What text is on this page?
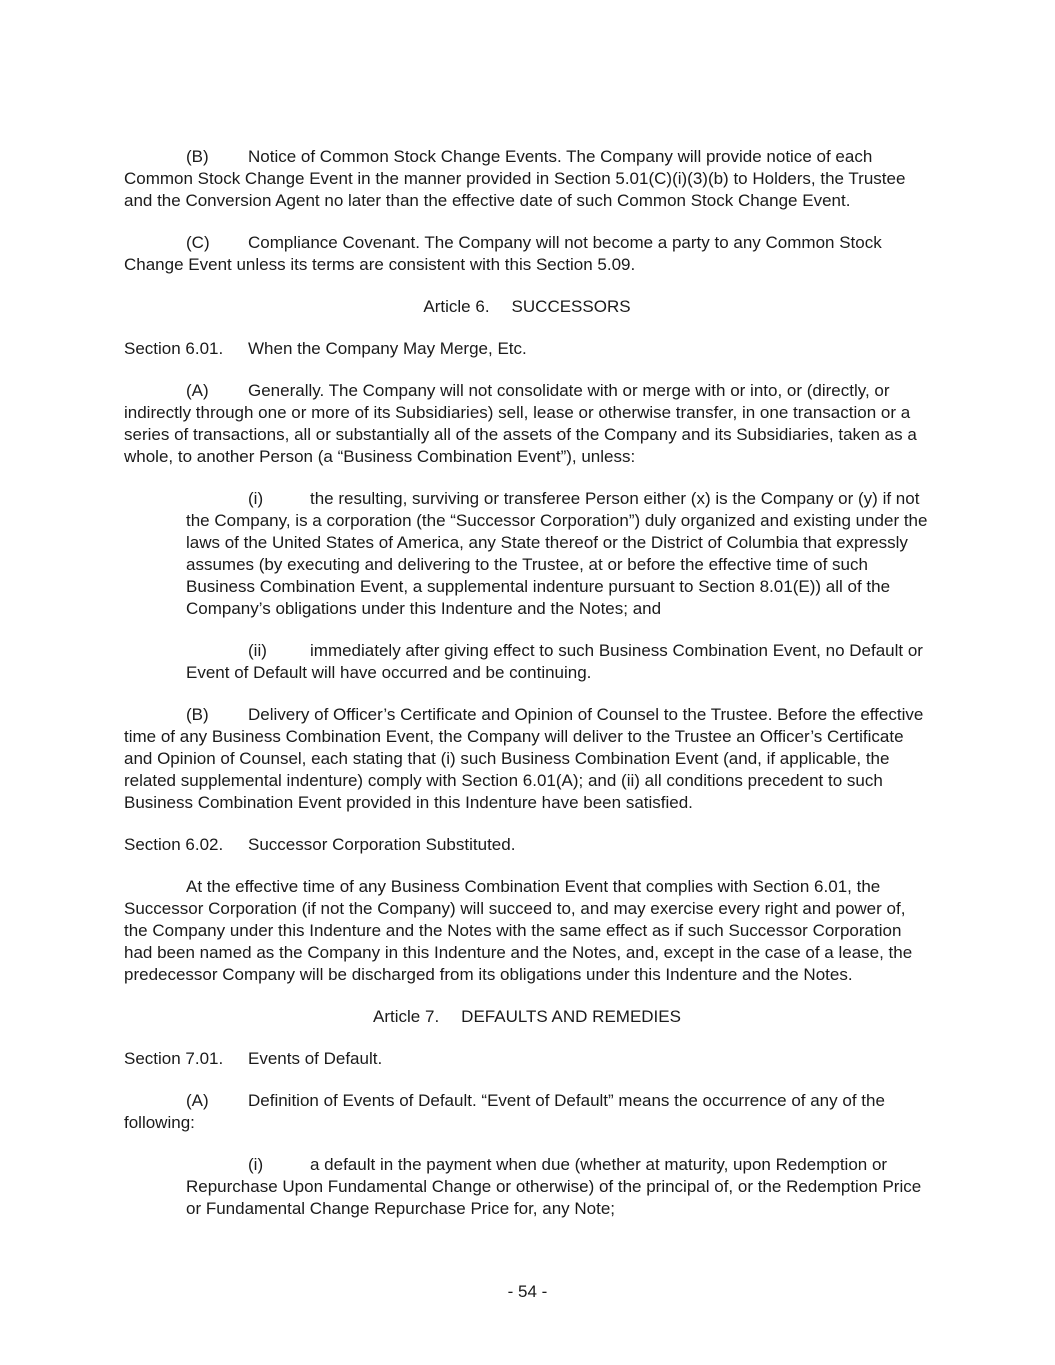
(B) Notice of Common Stock Change Events. The Company will provide notice of each Common Stock Change Event in the manner provided in Section 5.01(C)(i)(3)(b) to Holders, the Trustee and the Conversion Agent no later than the effective date of such Common Stock Change Event.

(C) Compliance Covenant. The Company will not become a party to any Common Stock Change Event unless its terms are consistent with this Section 5.09.

Article 6. SUCCESSORS
Section 6.01. When the Company May Merge, Etc.

(A) Generally. The Company will not consolidate with or merge with or into, or (directly, or indirectly through one or more of its Subsidiaries) sell, lease or otherwise transfer, in one transaction or a series of transactions, all or substantially all of the assets of the Company and its Subsidiaries, taken as a whole, to another Person (a “Business Combination Event”), unless:

(i)	the resulting, surviving or transferee Person either (x) is the Company or (y) if not the Company, is a corporation (the “Successor Corporation”) duly organized and existing under the laws of the United States of America, any State thereof or the District of Columbia that expressly assumes (by executing and delivering to the Trustee, at or before the effective time of such Business Combination Event, a supplemental indenture pursuant to Section 8.01(E)) all of the Company’s obligations under this Indenture and the Notes; and

(ii)	immediately after giving effect to such Business Combination Event, no Default or Event of Default will have occurred and be continuing.

(B) Delivery of Officer’s Certificate and Opinion of Counsel to the Trustee. Before the effective time of any Business Combination Event, the Company will deliver to the Trustee an Officer’s Certificate and Opinion of Counsel, each stating that (i) such Business Combination Event (and, if applicable, the related supplemental indenture) comply with Section 6.01(A); and (ii) all conditions precedent to such Business Combination Event provided in this Indenture have been satisfied.

Section 6.02. Successor Corporation Substituted.

At the effective time of any Business Combination Event that complies with Section 6.01, the Successor Corporation (if not the Company) will succeed to, and may exercise every right and power of, the Company under this Indenture and the Notes with the same effect as if such Successor Corporation had been named as the Company in this Indenture and the Notes, and, except in the case of a lease, the predecessor Company will be discharged from its obligations under this Indenture and the Notes.

Article 7. DEFAULTS AND REMEDIES
Section 7.01. Events of Default.

(A) Definition of Events of Default. “Event of Default” means the occurrence of any of the following:

(i)	a default in the payment when due (whether at maturity, upon Redemption or Repurchase Upon Fundamental Change or otherwise) of the principal of, or the Redemption Price or Fundamental Change Repurchase Price for, any Note;

- 54 -
